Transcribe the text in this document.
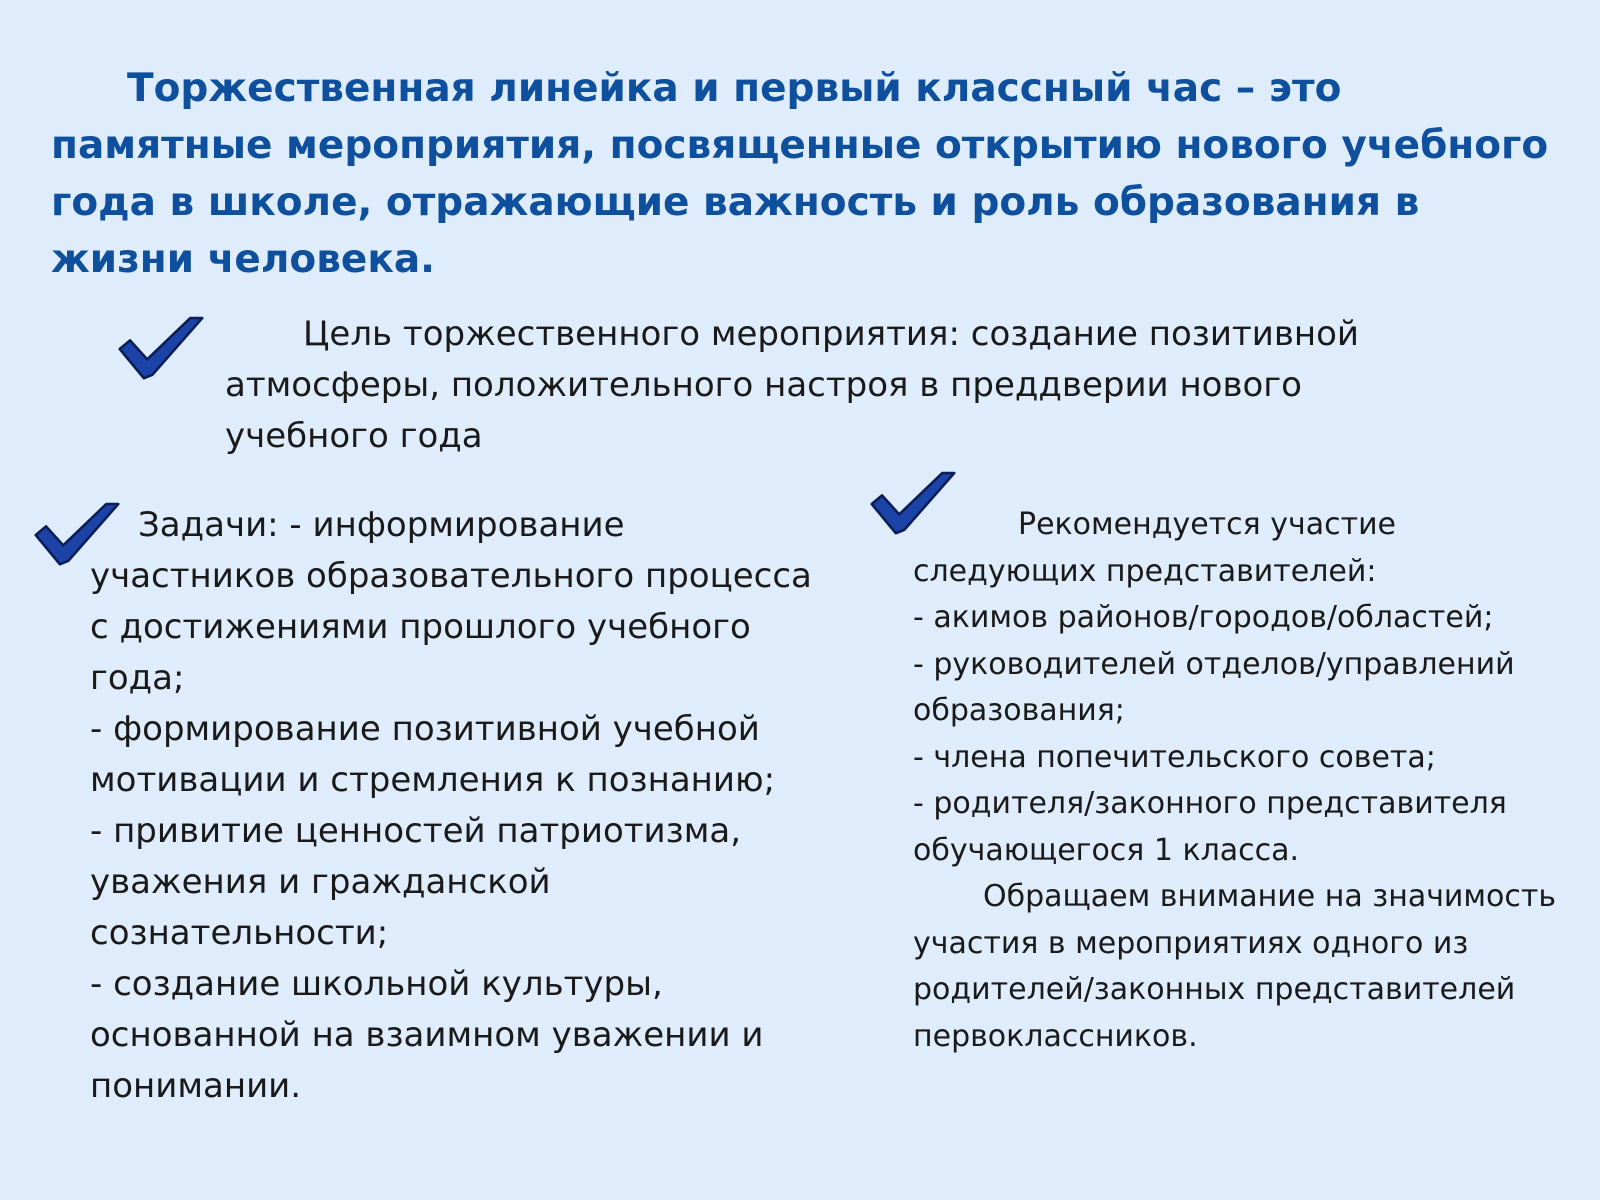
Торжественная линейка и первый классный час – это памятные мероприятия, посвященные открытию нового учебного года в школе, отражающие важность и роль образования в жизни человека.

Цель торжественного мероприятия: создание позитивной атмосферы, положительного настроя в преддверии нового учебного года

Задачи: - информирование участников образовательного процесса с достижениями прошлого учебного года;

- формирование позитивной учебной мотивации и стремления к познанию;

- привитие ценностей патриотизма, уважения и гражданской сознательности;

- создание школьной культуры, основанной на взаимном уважении и понимании.

Рекомендуется участие следующих представителей:

- акимов районов/городов/областей;

- руководителей отделов/управлений образования;

- члена попечительского совета;

- родителя/законного представителя обучающегося 1 класса.

Обращаем внимание на значимость участия в мероприятиях одного из родителей/законных представителей первоклассников.
